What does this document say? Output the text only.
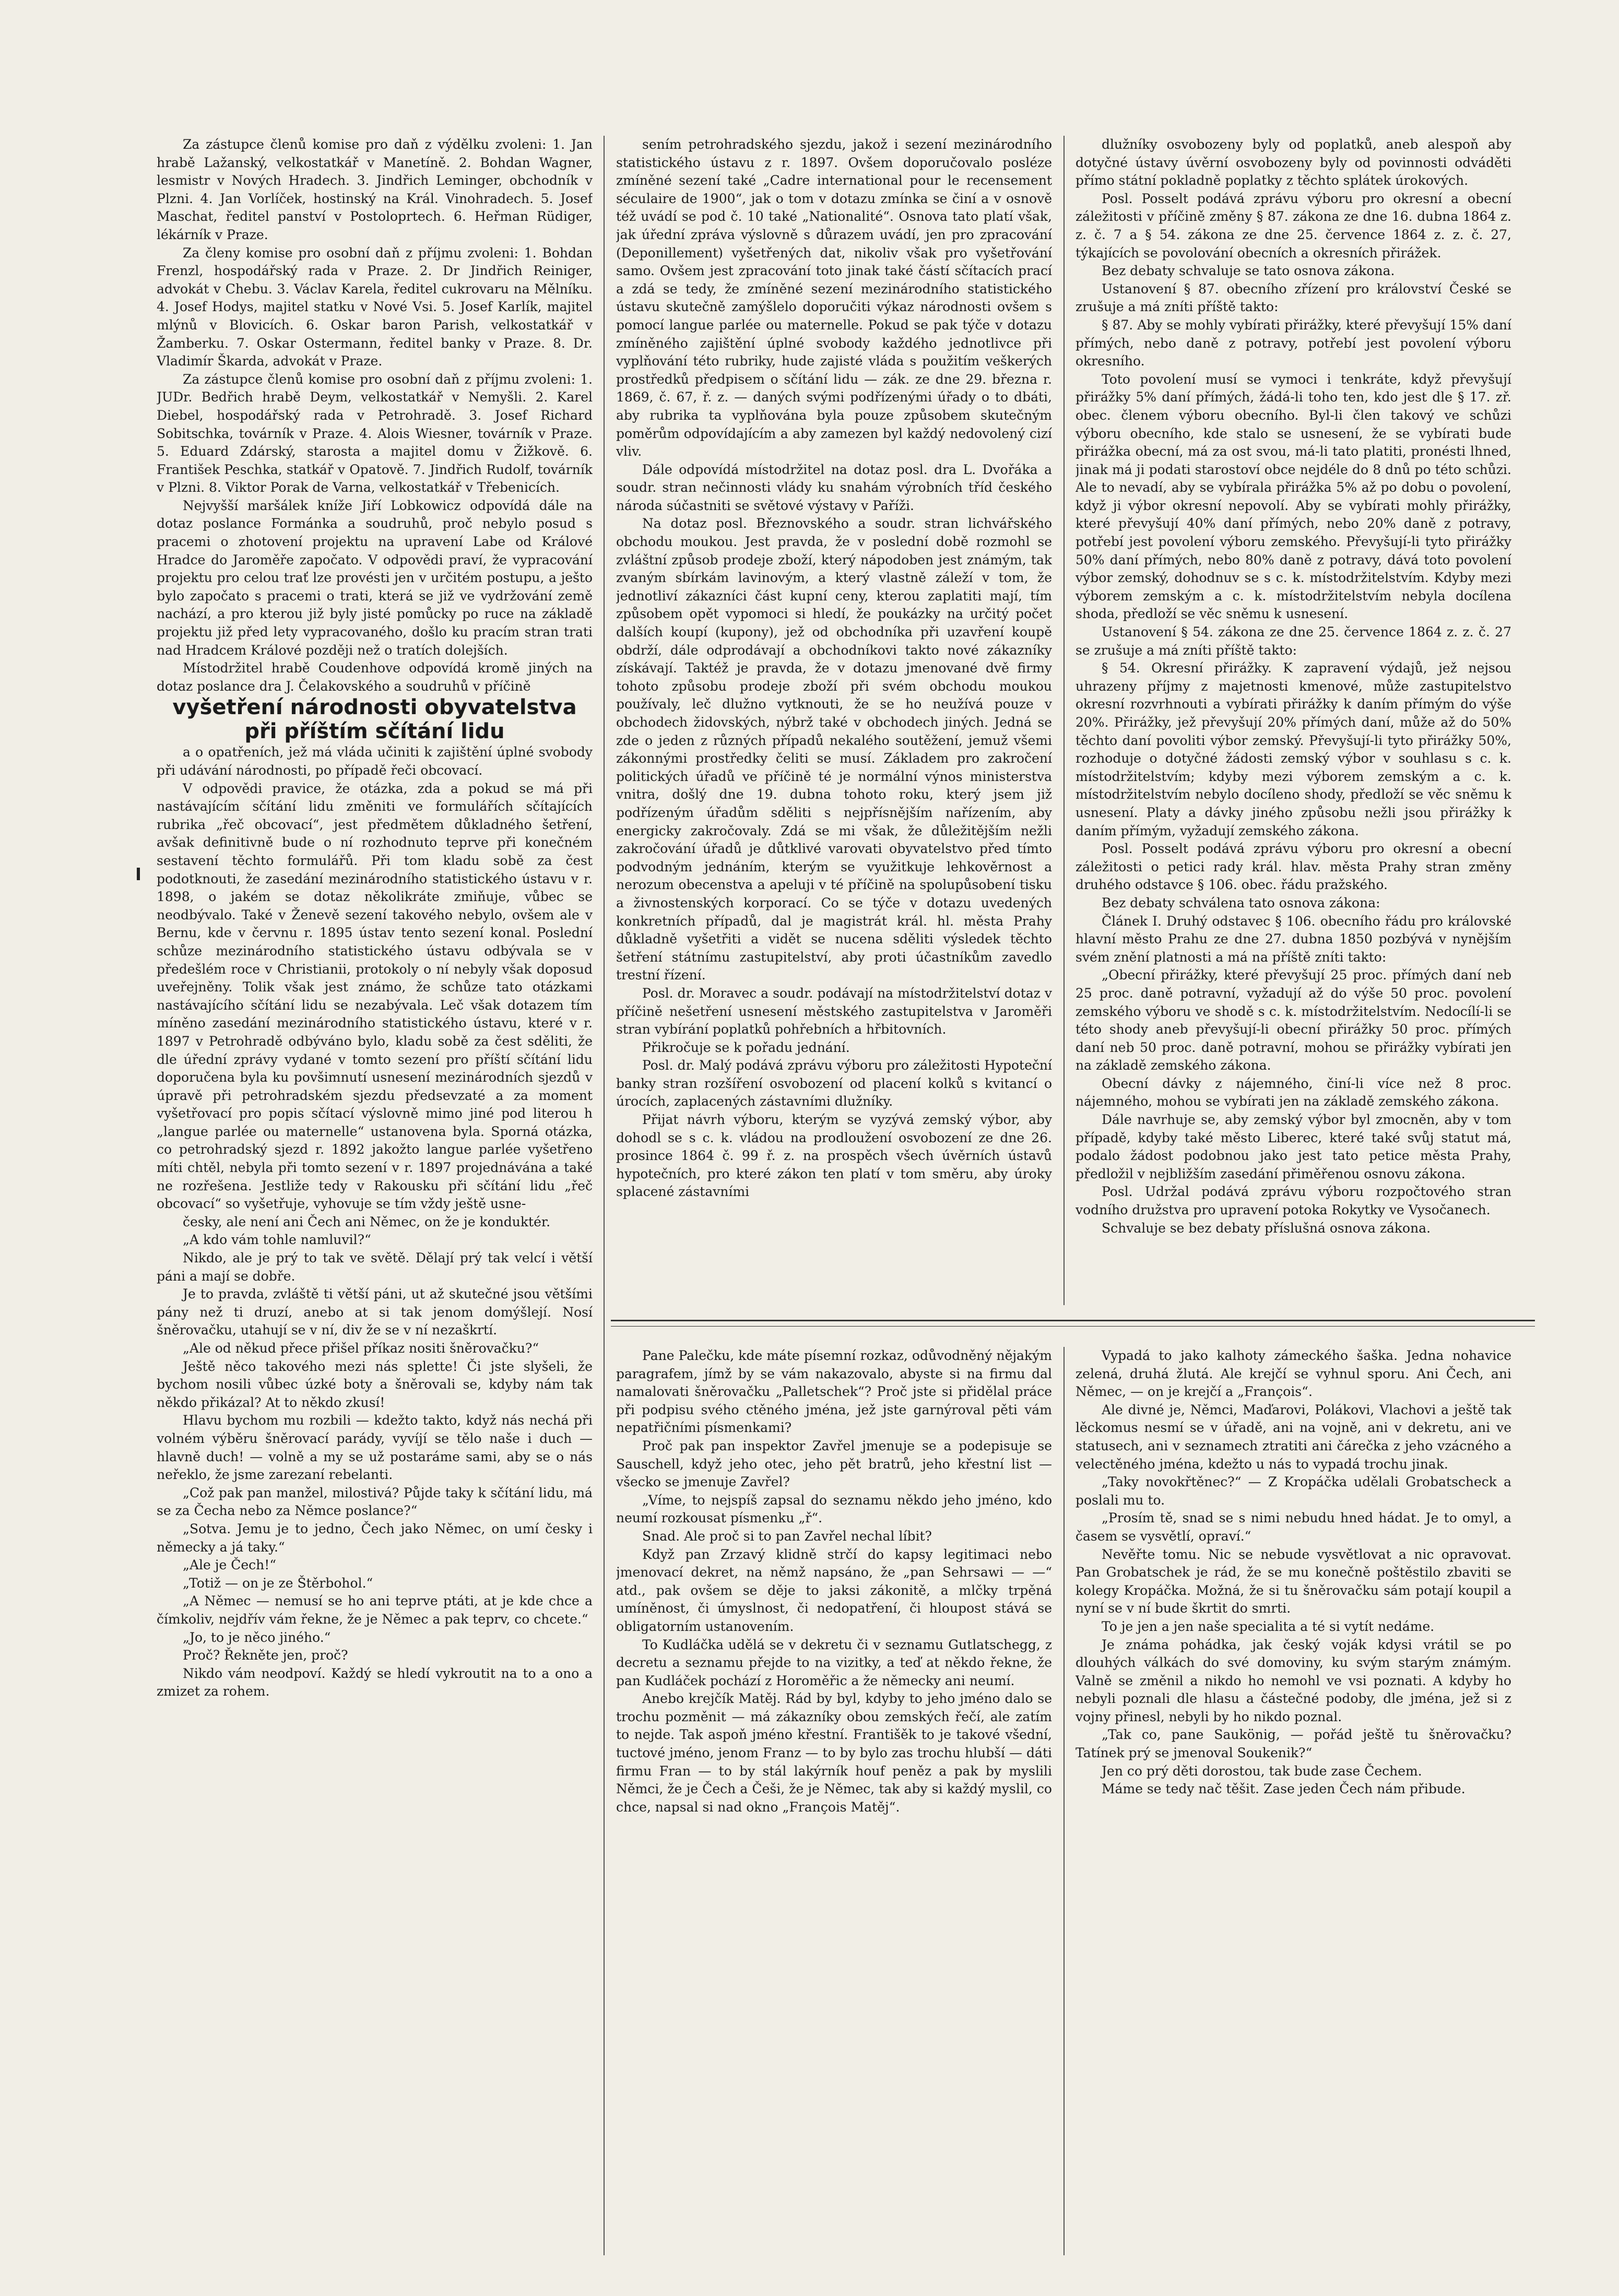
Za zástupce členů komise pro daň z výdělku zvoleni: 1. Jan hrabě Lažanský, velkostatkář v Manetíně. 2. Bohdan Wagner, lesmistr v Nových Hradech. 3. Jindřich Leminger, obchodník v Plzni. 4. Jan Vorlíček, hostinský na Král. Vinohradech. 5. Josef Maschat, ředitel panství v Postoloprtech. 6. Heřman Rüdiger, lékárník v Praze.

Za členy komise pro osobní daň z příjmu zvoleni: 1. Bohdan Frenzl, hospodářský rada v Praze. 2. Dr Jindřich Reiniger, advokát v Chebu. 3. Václav Karela, ředitel cukrovaru na Mělníku. 4. Josef Hodys, majitel statku v Nové Vsi. 5. Josef Karlík, majitel mlýnů v Blovicích. 6. Oskar baron Parish, velkostatkář v Žamberku. 7. Oskar Ostermann, ředitel banky v Praze. 8. Dr. Vladimír Škarda, advokát v Praze.

Za zástupce členů komise pro osobní daň z příjmu zvoleni: 1. JUDr. Bedřich hrabě Deym, velkostatkář v Nemyšli. 2. Karel Diebel, hospodářský rada v Petrohradě. 3. Josef Richard Sobitschka, továrník v Praze. 4. Alois Wiesner, továrník v Praze. 5. Eduard Zdárský, starosta a majitel domu v Žižkově. 6. František Peschka, statkář v Opatově. 7. Jindřich Rudolf, továrník v Plzni. 8. Viktor Porak de Varna, velkostatkář v Třebenicích.

Nejvyšší maršálek kníže Jiří Lobkowicz odpovídá dále na dotaz poslance Formánka a soudruhů, proč nebylo posud s pracemi o zhotovení projektu na upravení Labe od Králové Hradce do Jaroměře započato. V odpovědi praví, že vypracování projektu pro celou trať lze provésti jen v určitém postupu, a ješto bylo započato s pracemi o trati, která se již ve vydržování země nachází, a pro kterou již byly jisté pomůcky po ruce na základě projektu již před lety vypracovaného, došlo ku pracím stran trati nad Hradcem Králové později než o tratích dolejších.

Místodržitel hrabě Coudenhove odpovídá kromě jiných na dotaz poslance dra J. Čelakovského a soudruhů v příčině

vyšetření národnosti obyvatelstva při příštím sčítání lidu

a o opatřeních, jež má vláda učiniti k zajištění úplné svobody při udávání národnosti, po případě řeči obcovací.

V odpovědi pravice, že otázka, zda a pokud se má při nastávajícím sčítání lidu změniti ve formulářích sčítajících rubrika „řeč obcovací“, jest předmětem důkladného šetření, avšak definitivně bude o ní rozhodnuto teprve při konečném sestavení těchto formulářů. Při tom kladu sobě za čest podotknouti, že zasedání mezinárodního statistického ústavu v r. 1898, o jakém se dotaz několikráte zmiňuje, vůbec se neodbývalo. Také v Ženevě sezení takového nebylo, ovšem ale v Bernu, kde v červnu r. 1895 ústav tento sezení konal. Poslední schůze mezinárodního statistického ústavu odbývala se v předešlém roce v Christianii, protokoly o ní nebyly však doposud uveřejněny. Tolik však jest známo, že schůze tato otázkami nastávajícího sčítání lidu se nezabývala. Leč však dotazem tím míněno zasedání mezinárodního statistického ústavu, které v r. 1897 v Petrohradě odbýváno bylo, kladu sobě za čest sděliti, že dle úřední zprávy vydané v tomto sezení pro příští sčítání lidu doporučena byla ku povšimnutí usnesení mezinárodních sjezdů v úpravě při petrohradském sjezdu předsevzaté a za moment vyšetřovací pro popis sčítací výslovně mimo jiné pod literou h „langue parlée ou maternelle“ ustanovena byla. Sporná otázka, co petrohradský sjezd r. 1892 jakožto langue parlée vyšetřeno míti chtěl, nebyla při tomto sezení v r. 1897 projednávána a také ne rozřešena. Jestliže tedy v Rakousku při sčítání lidu „řeč obcovací“ so vyšetřuje, vyhovuje se tím vždy ještě usne-

česky, ale není ani Čech ani Němec, on že je konduktér.

„A kdo vám tohle namluvil?“

Nikdo, ale je prý to tak ve světě. Dělají prý tak velcí i větší páni a mají se dobře.

Je to pravda, zvláště ti větší páni, ut až skutečné jsou většími pány než ti druzí, anebo at si tak jenom domýšlejí. Nosí šněrovačku, utahují se v ní, div že se v ní nezaškrtí.

„Ale od někud přece přišel příkaz nositi šněrovačku?“

Ještě něco takového mezi nás splette! Či jste slyšeli, že bychom nosili vůbec úzké boty a šněrovali se, kdyby nám tak někdo přikázal? At to někdo zkusí!

Hlavu bychom mu rozbili — kdežto takto, když nás nechá při volném výběru šněrovací parády, vyvíjí se tělo naše i duch — hlavně duch! — volně a my se už postaráme sami, aby se o nás neřeklo, že jsme zarezaní rebelanti.

„Což pak pan manžel, milostivá? Půjde taky k sčítání lidu, má se za Čecha nebo za Němce poslance?“

„Sotva. Jemu je to jedno, Čech jako Němec, on umí česky i německy a já taky.“

„Ale je Čech!“

„Totiž — on je ze Štěrbohol.“

„A Němec — nemusí se ho ani teprve ptáti, at je kde chce a čímkoliv, nejdřív vám řekne, že je Němec a pak teprv, co chcete.“

„Jo, to je něco jiného.“

Proč? Řekněte jen, proč?

Nikdo vám neodpoví. Každý se hledí vykroutit na to a ono a zmizet za rohem.

sením petrohradského sjezdu, jakož i sezení mezinárodního statistického ústavu z r. 1897. Ovšem doporučovalo posléze zmíněné sezení také „Cadre international pour le recensement séculaire de 1900“, jak o tom v dotazu zmínka se činí a v osnově též uvádí se pod č. 10 také „Nationalité“. Osnova tato platí však, jak úřední zpráva výslovně s důrazem uvádí, jen pro zpracování (Deponillement) vyšetřených dat, nikoliv však pro vyšetřování samo. Ovšem jest zpracování toto jinak také částí sčítacích prací a zdá se tedy, že zmíněné sezení mezinárodního statistického ústavu skutečně zamýšlelo doporučiti výkaz národnosti ovšem s pomocí langue parlée ou maternelle. Pokud se pak týče v dotazu zmíněného zajištění úplné svobody každého jednotlivce při vyplňování této rubriky, hude zajisté vláda s použitím veškerých prostředků předpisem o sčítání lidu — zák. ze dne 29. března r. 1869, č. 67, ř. z. — daných svými podřízenými úřady o to dbáti, aby rubrika ta vyplňována byla pouze způsobem skutečným poměrům odpovídajícím a aby zamezen byl každý nedovolený cizí vliv.

Dále odpovídá místodržitel na dotaz posl. dra L. Dvořáka a soudr. stran nečinnosti vlády ku snahám výrobních tříd českého národa súčastniti se světové výstavy v Paříži.

Na dotaz posl. Březnovského a soudr. stran lichvářského obchodu moukou. Jest pravda, že v poslední době rozmohl se zvláštní způsob prodeje zboží, který nápodoben jest známým, tak zvaným sbírkám lavinovým, a který vlastně záleží v tom, že jednotliví zákazníci část kupní ceny, kterou zaplatiti mají, tím způsobem opět vypomoci si hledí, že poukázky na určitý počet dalších koupí (kupony), jež od obchodníka při uzavření koupě obdrží, dále odprodávají a obchodníkovi takto nové zákazníky získávají. Taktéž je pravda, že v dotazu jmenované dvě firmy tohoto způsobu prodeje zboží při svém obchodu moukou používaly, leč dlužno vytknouti, že se ho neužívá pouze v obchodech židovských, nýbrž také v obchodech jiných. Jedná se zde o jeden z různých případů nekalého soutěžení, jemuž všemi zákonnými prostředky čeliti se musí. Základem pro zakročení politických úřadů ve příčině té je normální výnos ministerstva vnitra, došlý dne 19. dubna tohoto roku, který jsem již podřízeným úřadům sděliti s nejpřísnějším nařízením, aby energicky zakročovaly. Zdá se mi však, že důležitějším nežli zakročování úřadů je důtklivé varovati obyvatelstvo před tímto podvodným jednáním, kterým se využitkuje lehkověrnost a nerozum obecenstva a apeluji v té příčině na spolupůsobení tisku a živnostenských korporací. Co se týče v dotazu uvedených konkretních případů, dal je magistrát král. hl. města Prahy důkladně vyšetřiti a vidět se nucena sděliti výsledek těchto šetření státnímu zastupitelství, aby proti účastníkům zavedlo trestní řízení.

Posl. dr. Moravec a soudr. podávají na místodržitelství dotaz v příčině nešetření usnesení městského zastupitelstva v Jaroměři stran vybírání poplatků pohřebních a hřbitovních.

Přikročuje se k pořadu jednání.

Posl. dr. Malý podává zprávu výboru pro záležitosti Hypoteční banky stran rozšíření osvobození od placení kolků s kvitancí o úrocích, zaplacených zástavními dlužníky.

Přijat návrh výboru, kterým se vyzývá zemský výbor, aby dohodl se s c. k. vládou na prodloužení osvobození ze dne 26. prosince 1864 č. 99 ř. z. na prospěch všech úvěrních ústavů hypotečních, pro které zákon ten platí v tom směru, aby úroky splacené zástavními

dlužníky osvobozeny byly od poplatků, aneb alespoň aby dotyčné ústavy úvěrní osvobozeny byly od povinnosti odváděti přímo státní pokladně poplatky z těchto splátek úrokových.

Posl. Posselt podává zprávu výboru pro okresní a obecní záležitosti v příčině změny § 87. zákona ze dne 16. dubna 1864 z. z. č. 7 a § 54. zákona ze dne 25. července 1864 z. z. č. 27, týkajících se povolování obecních a okresních přirážek.

Bez debaty schvaluje se tato osnova zákona.

Ustanovení § 87. obecního zřízení pro království České se zrušuje a má zníti příště takto:

§ 87. Aby se mohly vybírati přirážky, které převyšují 15% daní přímých, nebo daně z potravy, potřebí jest povolení výboru okresního.

Toto povolení musí se vymoci i tenkráte, když převyšují přirážky 5% daní přímých, žádá-li toho ten, kdo jest dle § 17. zř. obec. členem výboru obecního. Byl-li člen takový ve schůzi výboru obecního, kde stalo se usnesení, že se vybírati bude přirážka obecní, má za ost svou, má-li tato platiti, pronésti lhned, jinak má ji podati starostoví obce nejdéle do 8 dnů po této schůzi. Ale to nevadí, aby se vybírala přirážka 5% až po dobu o povolení, když ji výbor okresní nepovolí. Aby se vybírati mohly přirážky, které převyšují 40% daní přímých, nebo 20% daně z potravy, potřebí jest povolení výboru zemského. Převyšují-li tyto přirážky 50% daní přímých, nebo 80% daně z potravy, dává toto povolení výbor zemský, dohodnuv se s c. k. místodržitelstvím. Kdyby mezi výborem zemským a c. k. místodržitelstvím nebyla docílena shoda, předloží se věc sněmu k usnesení.

Ustanovení § 54. zákona ze dne 25. července 1864 z. z. č. 27 se zrušuje a má zníti příště takto:

§ 54. Okresní přirážky. K zapravení výdajů, jež nejsou uhrazeny příjmy z majetnosti kmenové, může zastupitelstvo okresní rozvrhnouti a vybírati přirážky k daním přímým do výše 20%. Přirážky, jež převyšují 20% přímých daní, může až do 50% těchto daní povoliti výbor zemský. Převyšují-li tyto přirážky 50%, rozhoduje o dotyčné žádosti zemský výbor v souhlasu s c. k. místodržitelstvím; kdyby mezi výborem zemským a c. k. místodržitelstvím nebylo docíleno shody, předloží se věc sněmu k usnesení. Platy a dávky jiného způsobu nežli jsou přirážky k daním přímým, vyžadují zemského zákona.

Posl. Posselt podává zprávu výboru pro okresní a obecní záležitosti o petici rady král. hlav. města Prahy stran změny druhého odstavce § 106. obec. řádu pražského.

Bez debaty schválena tato osnova zákona:

Článek I. Druhý odstavec § 106. obecního řádu pro královské hlavní město Prahu ze dne 27. dubna 1850 pozbývá v nynějším svém znění platnosti a má na příště zníti takto:

„Obecní přirážky, které převyšují 25 proc. přímých daní neb 25 proc. daně potravní, vyžadují až do výše 50 proc. povolení zemského výboru ve shodě s c. k. místodržitelstvím. Nedocílí-li se této shody aneb převyšují-li obecní přirážky 50 proc. přímých daní neb 50 proc. daně potravní, mohou se přirážky vybírati jen na základě zemského zákona.

Obecní dávky z nájemného, činí-li více než 8 proc. nájemného, mohou se vybírati jen na základě zemského zákona.

Dále navrhuje se, aby zemský výbor byl zmocněn, aby v tom případě, kdyby také město Liberec, které také svůj statut má, podalo žádost podobnou jako jest tato petice města Prahy, předložil v nejbližším zasedání přiměřenou osnovu zákona.

Posl. Udržal podává zprávu výboru rozpočtového stran vodního družstva pro upravení potoka Rokytky ve Vysočanech.

Schvaluje se bez debaty příslušná osnova zákona.

Pane Palečku, kde máte písemní rozkaz, odůvodněný nějakým paragrafem, jímž by se vám nakazovalo, abyste si na firmu dal namalovati šněrovačku „Palletschek“? Proč jste si přidělal práce při podpisu svého ctěného jména, jež jste garnýroval pěti vám nepatřičními písmenkami?

Proč pak pan inspektor Zavřel jmenuje se a podepisuje se Sauschell, když jeho otec, jeho pět bratrů, jeho křestní list — všecko se jmenuje Zavřel?

„Víme, to nejspíš zapsal do seznamu někdo jeho jméno, kdo neumí rozkousat písmenku „ř“.

Snad. Ale proč si to pan Zavřel nechal líbit?

Když pan Zrzavý klidně strčí do kapsy legitimaci nebo jmenovací dekret, na němž napsáno, že „pan Sehrsawi — —“ atd., pak ovšem se děje to jaksi zákonitě, a mlčky trpěná umíněnost, či úmyslnost, či nedopatření, či hloupost stává se obligatorním ustanovením.

To Kudláčka udělá se v dekretu či v seznamu Gutlatschegg, z decretu a seznamu přejde to na vizitky, a teď at někdo řekne, že pan Kudláček pochází z Horoměřic a že německy ani neumí.

Anebo krejčík Matěj. Rád by byl, kdyby to jeho jméno dalo se trochu pozměnit — má zákazníky obou zemských řečí, ale zatím to nejde. Tak aspoň jméno křestní. Františěk to je takové všední, tuctové jméno, jenom Franz — to by bylo zas trochu hlubší — dáti firmu Fran — to by stál lakýrník houf peněz a pak by myslili Němci, že je Čech a Češi, že je Němec, tak aby si každý myslil, co chce, napsal si nad okno „François Matěj“.

Vypadá to jako kalhoty zámeckého šaška. Jedna nohavice zelená, druhá žlutá. Ale krejčí se vyhnul sporu. Ani Čech, ani Němec, — on je krejčí a „François“.

Ale divné je, Němci, Maďarovi, Polákovi, Vlachovi a ještě tak lěckomus nesmí se v úřadě, ani na vojně, ani v dekretu, ani ve statusech, ani v seznamech ztratiti ani čárečka z jeho vzácného a velectěného jména, kdežto u nás to vypadá trochu jinak.

„Taky novokřtěnec?“ — Z Kropáčka udělali Grobatscheck a poslali mu to.

„Prosím tě, snad se s nimi nebudu hned hádat. Je to omyl, a časem se vysvětlí, opraví.“

Nevěřte tomu. Nic se nebude vysvětlovat a nic opravovat. Pan Grobatschek je rád, že se mu konečně poštěstilo zbaviti se kolegy Kropáčka. Možná, že si tu šněrovačku sám potají koupil a nyní se v ní bude škrtit do smrti.

To je jen a jen naše specialita a té si vytít nedáme.

Je známa pohádka, jak český voják kdysi vrátil se po dlouhých válkách do své domoviny, ku svým starým známým. Valně se změnil a nikdo ho nemohl ve vsi poznati. A kdyby ho nebyli poznali dle hlasu a částečné podoby, dle jména, jež si z vojny přinesl, nebyli by ho nikdo poznal.

„Tak co, pane Saukönig, — pořád ještě tu šněrovačku? Tatínek prý se jmenoval Soukenik?“

Jen co prý děti dorostou, tak bude zase Čechem.

Máme se tedy nač těšit. Zase jeden Čech nám přibude.
